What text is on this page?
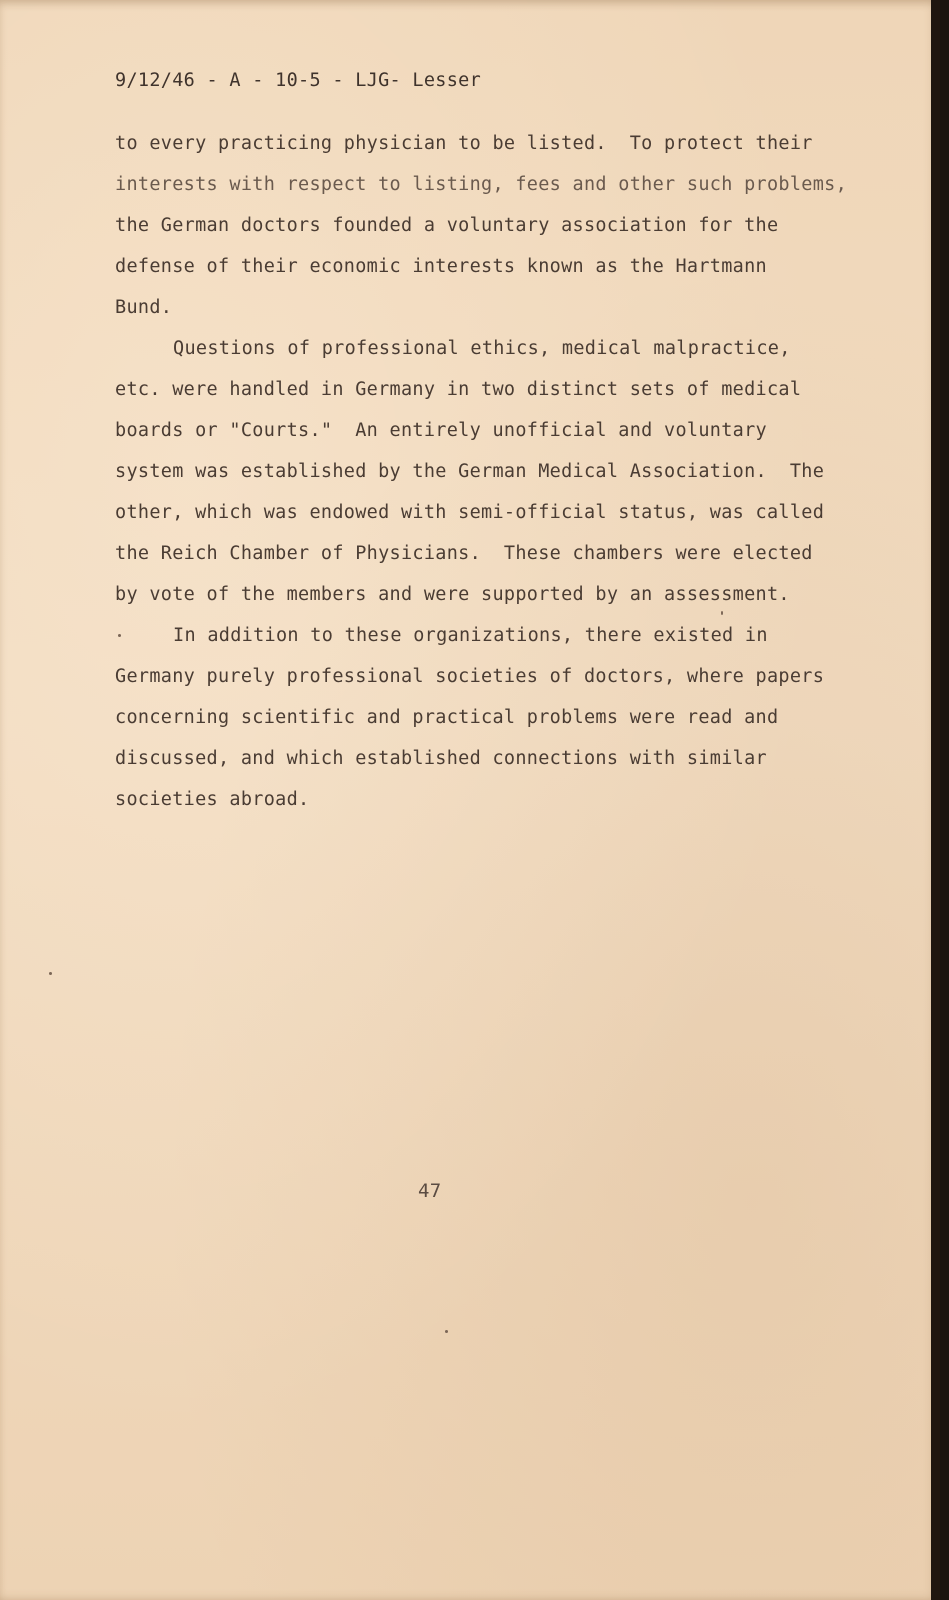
9/12/46 - A - 10-5 - LJG- Lesser
to every practicing physician to be listed.  To protect their
interests with respect to listing, fees and other such problems,
the German doctors founded a voluntary association for the
defense of their economic interests known as the Hartmann
Bund.
Questions of professional ethics, medical malpractice,
etc. were handled in Germany in two distinct sets of medical
boards or "Courts."  An entirely unofficial and voluntary
system was established by the German Medical Association.  The
other, which was endowed with semi-official status, was called
the Reich Chamber of Physicians.  These chambers were elected
by vote of the members and were supported by an assessment.
In addition to these organizations, there existed in
Germany purely professional societies of doctors, where papers
concerning scientific and practical problems were read and
discussed, and which established connections with similar
societies abroad.
47
